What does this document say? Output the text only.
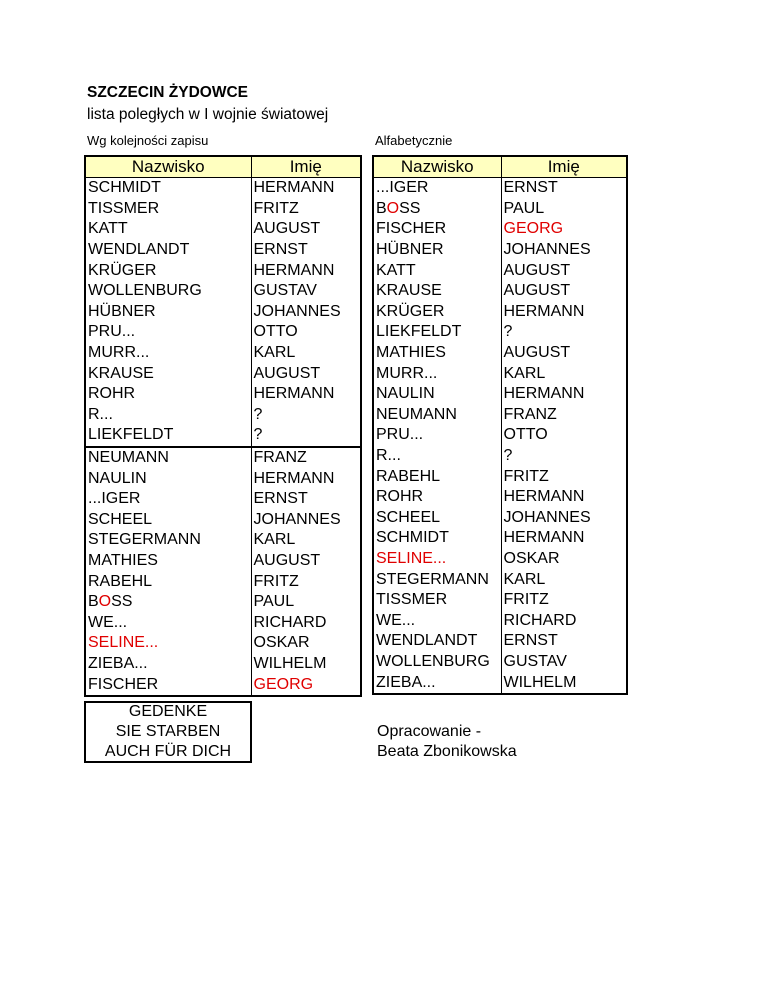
SZCZECIN ŻYDOWCE
lista poległych w I wojnie światowej
Wg kolejności zapisu	Alfabetycznie
Nazwisko	Imię
SCHMIDT	HERMANN
TISSMER	FRITZ
KATT	AUGUST
WENDLANDT	ERNST
KRÜGER	HERMANN
WOLLENBURG	GUSTAV
HÜBNER	JOHANNES
PRU...	OTTO
MURR...	KARL
KRAUSE	AUGUST
ROHR	HERMANN
R...	?
LIEKFELDT	?
NEUMANN	FRANZ
NAULIN	HERMANN
...IGER	ERNST
SCHEEL	JOHANNES
STEGERMANN	KARL
MATHIES	AUGUST
RABEHL	FRITZ
BOSS	PAUL
WE...	RICHARD
SELINE...	OSKAR
ZIEBA...	WILHELM
FISCHER	GEORG
Nazwisko	Imię
...IGER	ERNST
BOSS	PAUL
FISCHER	GEORG
HÜBNER	JOHANNES
KATT	AUGUST
KRAUSE	AUGUST
KRÜGER	HERMANN
LIEKFELDT	?
MATHIES	AUGUST
MURR...	KARL
NAULIN	HERMANN
NEUMANN	FRANZ
PRU...	OTTO
R...	?
RABEHL	FRITZ
ROHR	HERMANN
SCHEEL	JOHANNES
SCHMIDT	HERMANN
SELINE...	OSKAR
STEGERMANN	KARL
TISSMER	FRITZ
WE...	RICHARD
WENDLANDT	ERNST
WOLLENBURG	GUSTAV
ZIEBA...	WILHELM
GEDENKE
SIE STARBEN
AUCH FÜR DICH
Opracowanie -
Beata Zbonikowska
